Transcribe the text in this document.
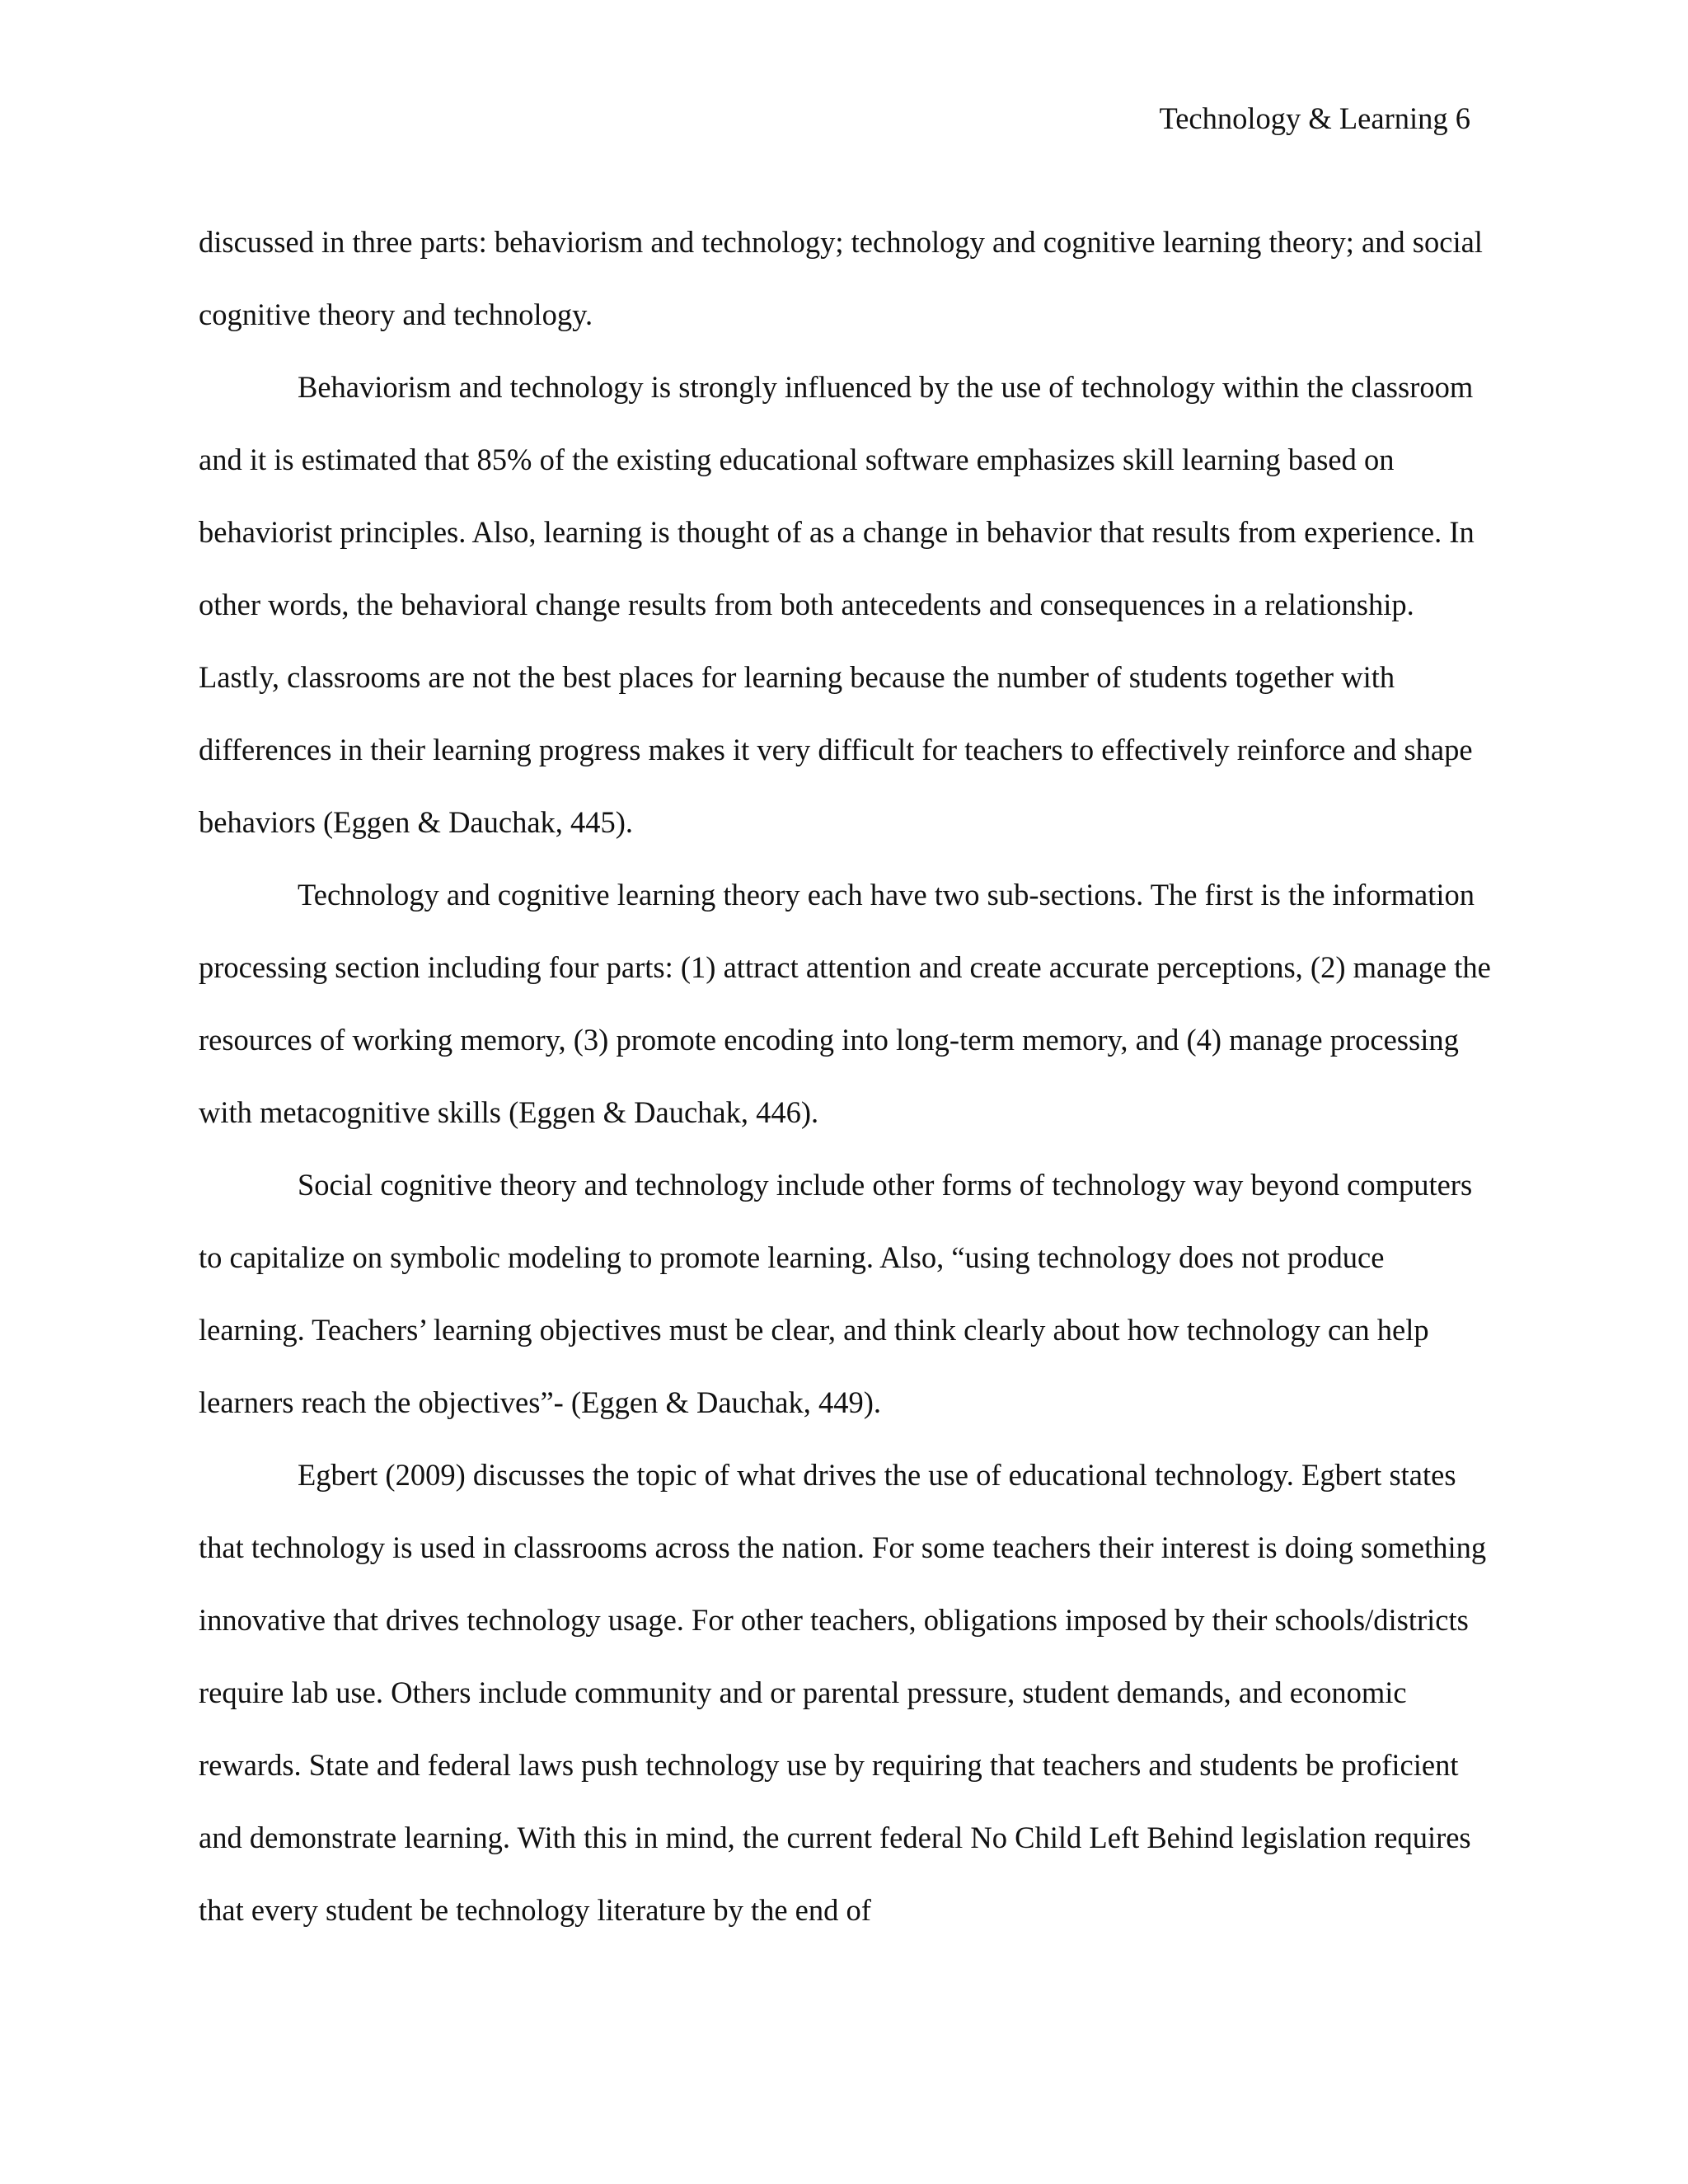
Technology & Learning 6

discussed in three parts: behaviorism and technology; technology and cognitive learning theory; and social cognitive theory and technology.

Behaviorism and technology is strongly influenced by the use of technology within the classroom and it is estimated that 85% of the existing educational software emphasizes skill learning based on behaviorist principles. Also, learning is thought of as a change in behavior that results from experience. In other words, the behavioral change results from both antecedents and consequences in a relationship. Lastly, classrooms are not the best places for learning because the number of students together with differences in their learning progress makes it very difficult for teachers to effectively reinforce and shape behaviors (Eggen & Dauchak, 445).

Technology and cognitive learning theory each have two sub-sections. The first is the information processing section including four parts: (1) attract attention and create accurate perceptions, (2) manage the resources of working memory, (3) promote encoding into long-term memory, and (4) manage processing with metacognitive skills (Eggen & Dauchak, 446).

Social cognitive theory and technology include other forms of technology way beyond computers to capitalize on symbolic modeling to promote learning. Also, “using technology does not produce learning. Teachers’ learning objectives must be clear, and think clearly about how technology can help learners reach the objectives”- (Eggen & Dauchak, 449).

Egbert (2009) discusses the topic of what drives the use of educational technology. Egbert states that technology is used in classrooms across the nation. For some teachers their interest is doing something innovative that drives technology usage. For other teachers, obligations imposed by their schools/districts require lab use. Others include community and or parental pressure, student demands, and economic rewards. State and federal laws push technology use by requiring that teachers and students be proficient and demonstrate learning. With this in mind, the current federal No Child Left Behind legislation requires that every student be technology literature by the end of
